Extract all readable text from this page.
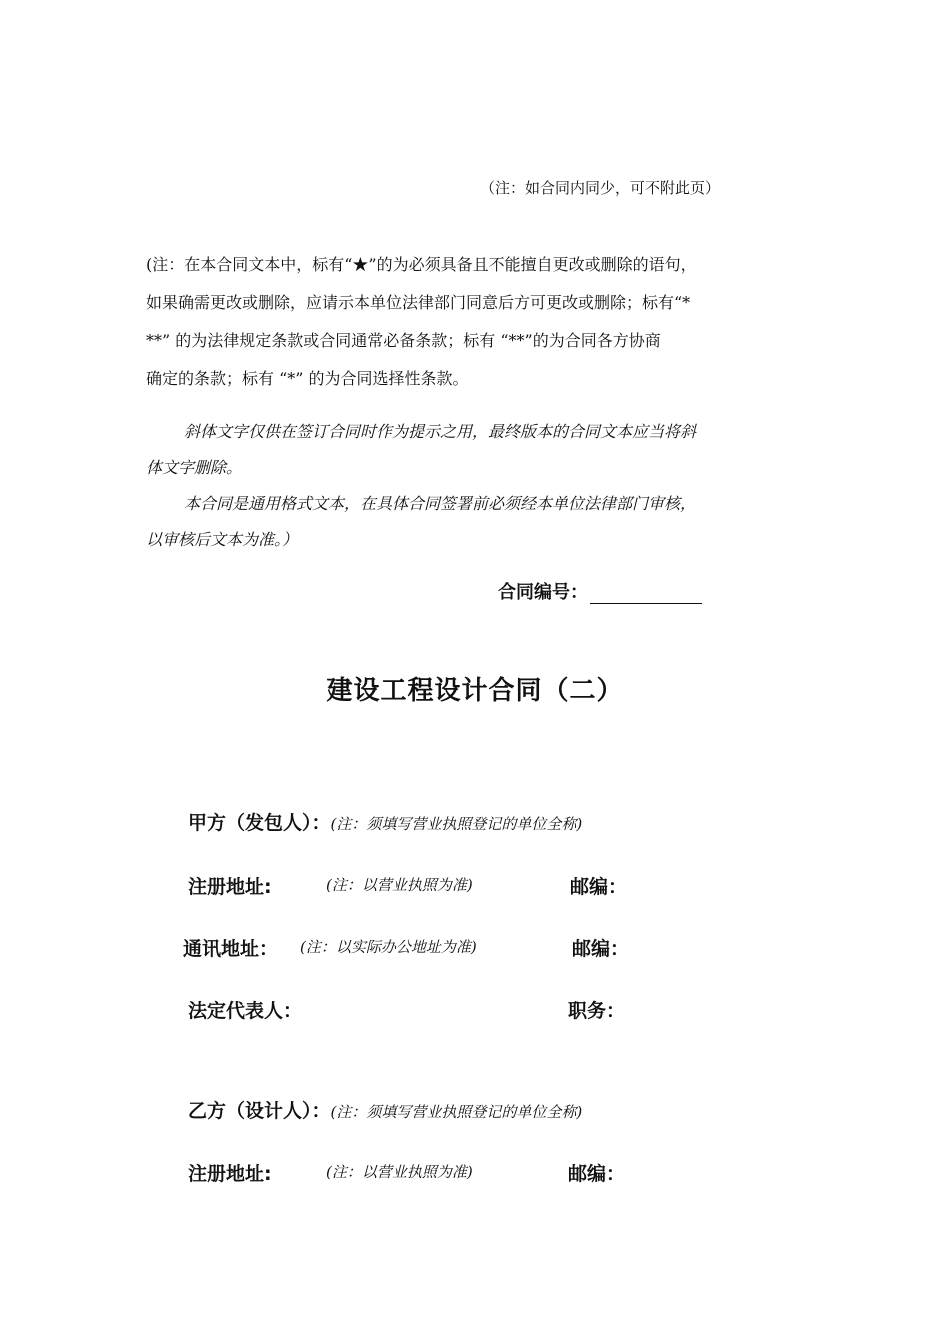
（注：如合同内同少，可不附此页）
(注：在本合同文本中，标有“★”的为必须具备且不能擅自更改或删除的语句，
如果确需更改或删除，应请示本单位法律部门同意后方可更改或删除；标有“*
**” 的为法律规定条款或合同通常必备条款；标有 “**”的为合同各方协商
确定的条款；标有 “*” 的为合同选择性条款。
斜体文字仅供在签订合同时作为提示之用，最终版本的合同文本应当将斜
体文字删除。
本合同是通用格式文本，在具体合同签署前必须经本单位法律部门审核，
以审核后文本为准。）
合同编号：
建设工程设计合同（二）
甲方（发包人）：(注：须填写营业执照登记的单位全称)
注册地址:	(注：以营业执照为准)	邮编：
通讯地址： (注：以实际办公地址为准)	邮编：
法定代表人：	职务：
乙方（设计人）：(注：须填写营业执照登记的单位全称)
注册地址:	(注：以营业执照为准)	邮编：
